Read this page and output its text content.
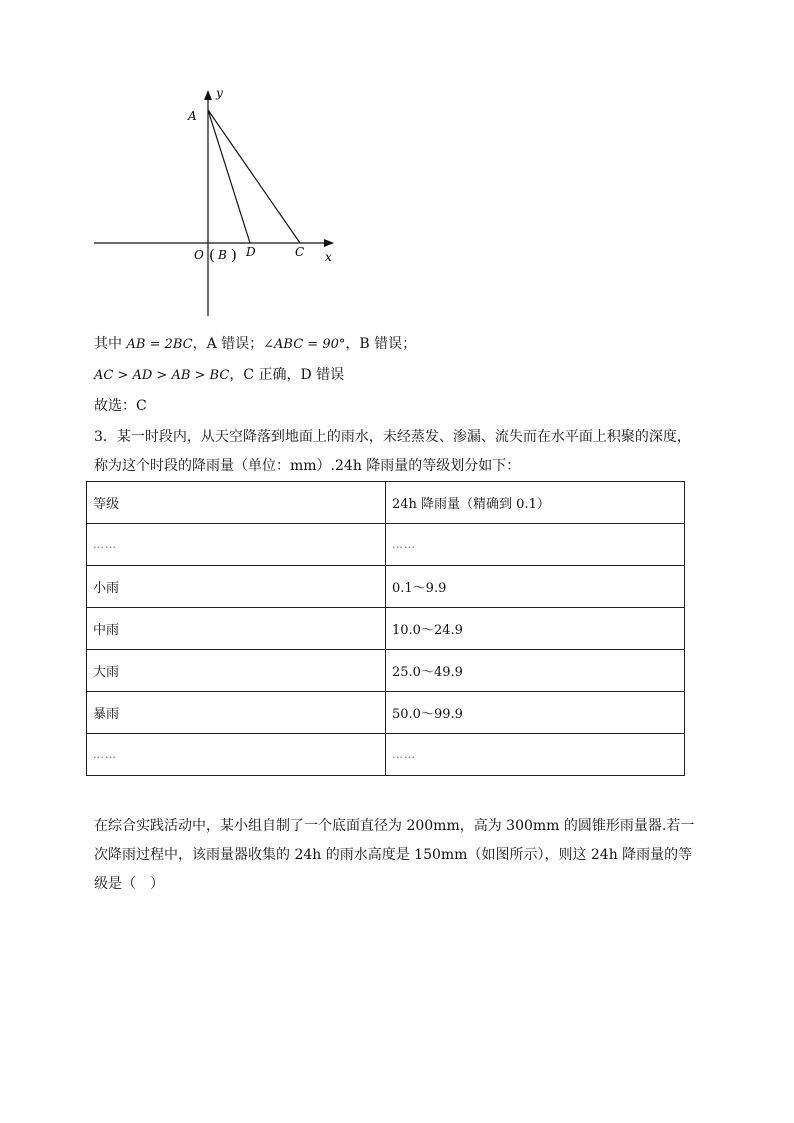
y
x
A
O ( B ) D	C
其中 AB = 2BC，A 错误；∠ABC = 90°，B 错误；
AC > AD > AB > BC，C 正确，D 错误
故选：C
3．某一时段内，从天空降落到地面上的雨水，未经蒸发、渗漏、流失而在水平面上积聚的深度，称为这个时段的降雨量（单位：mm）.24h 降雨量的等级划分如下：
等级	24h 降雨量（精确到 0.1）
……	……
小雨	0.1～9.9
中雨	10.0～24.9
大雨	25.0～49.9
暴雨	50.0～99.9
……	……
在综合实践活动中，某小组自制了一个底面直径为 200mm，高为 300mm 的圆锥形雨量器.若一次降雨过程中，该雨量器收集的 24h 的雨水高度是 150mm（如图所示），则这 24h 降雨量的等级是（　）
